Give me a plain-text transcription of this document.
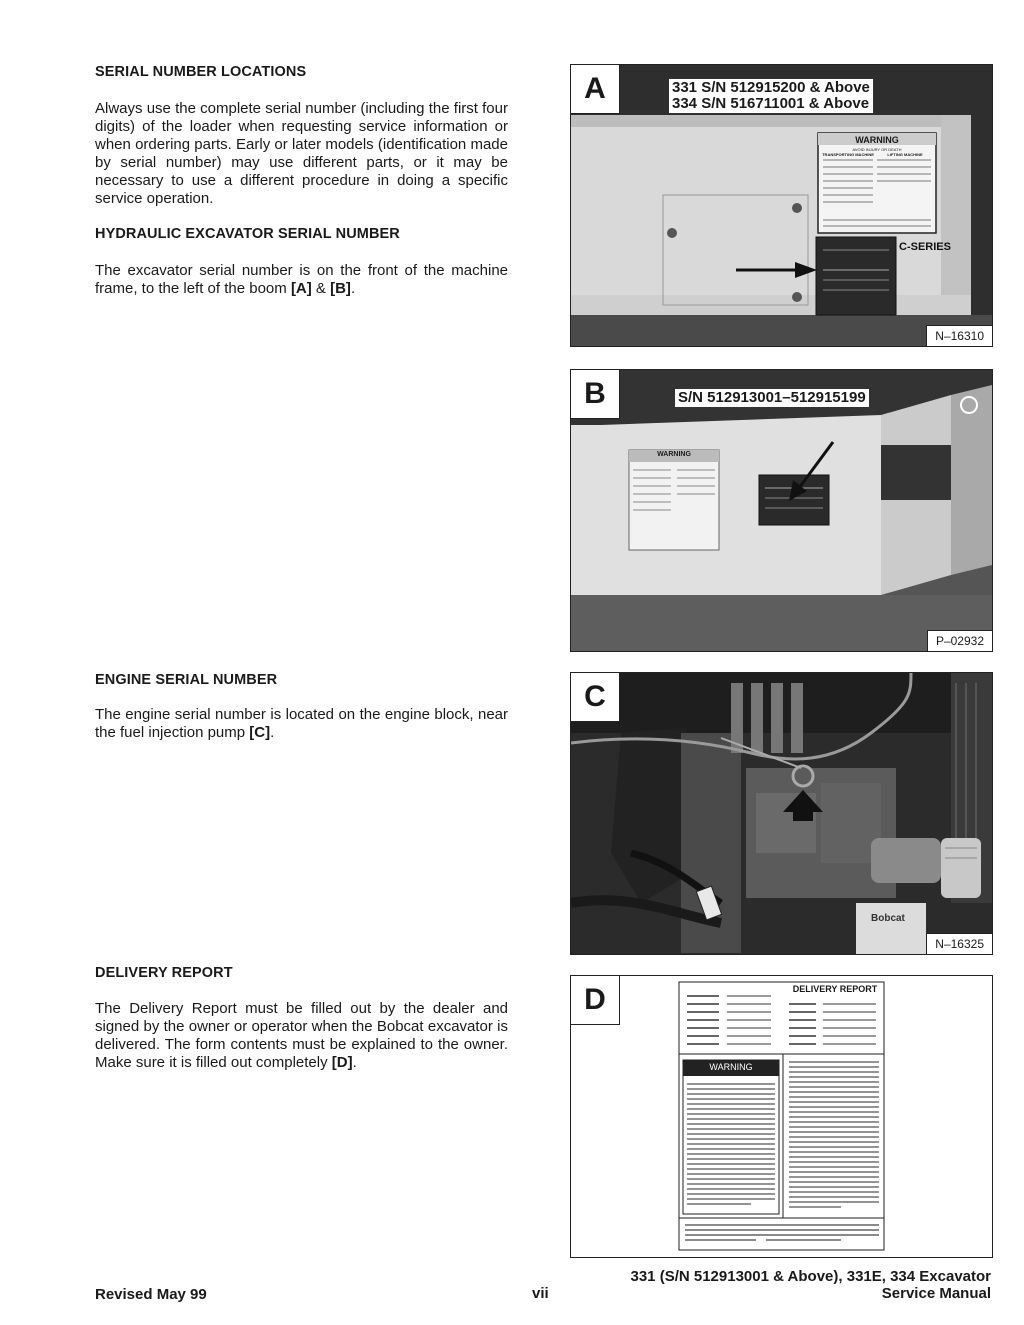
SERIAL NUMBER LOCATIONS
Always use the complete serial number (including the first four digits) of the loader when requesting service information or when ordering parts. Early or later models (identification made by serial number) may use different parts, or it may be necessary to use a different procedure in doing a specific service operation.
HYDRAULIC EXCAVATOR SERIAL NUMBER
The excavator serial number is on the front of the machine frame, to the left of the boom [A] & [B].
ENGINE SERIAL NUMBER
The engine serial number is located on the engine block, near the fuel injection pump [C].
DELIVERY REPORT
The Delivery Report must be filled out by the dealer and signed by the owner or operator when the Bobcat excavator is delivered. The form contents must be explained to the owner. Make sure it is filled out completely [D].
A	331 S/N 512915200 & Above
334 S/N 516711001 & Above
WARNING
AVOID INJURY OR DEATH
TRANSPORTING MACHINE	LIFTING MACHINE
C-SERIES
N–16310
B	S/N 512913001–512915199
WARNING
P–02932
C
Bobcat
N–16325
D	DELIVERY REPORT
WARNING
Revised May 99	vii
331 (S/N 512913001 & Above), 331E, 334 Excavator
Service Manual
